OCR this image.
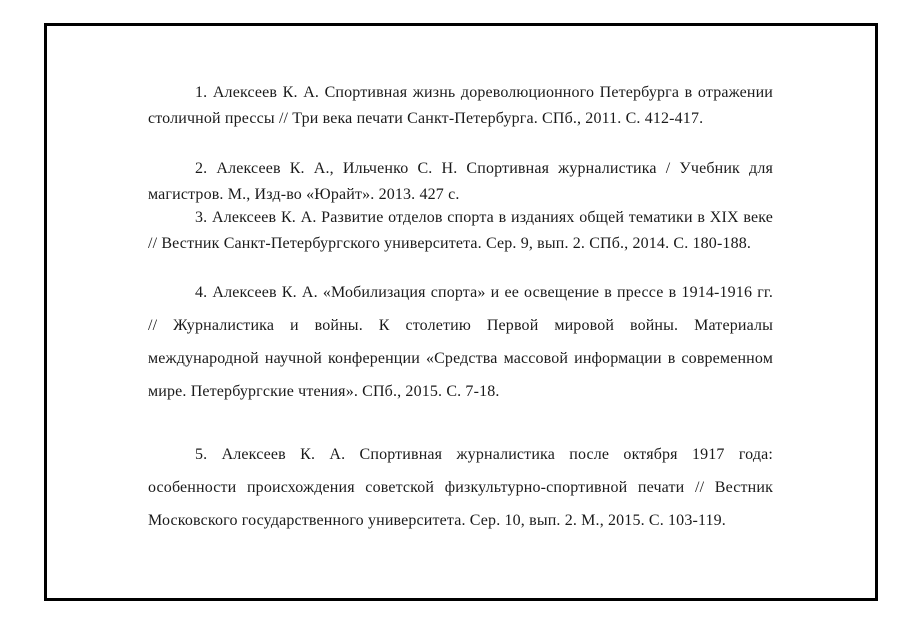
1. Алексеев К. А. Спортивная жизнь дореволюционного Петербурга в отражении столичной прессы // Три века печати Санкт-Петербурга. СПб., 2011. С. 412-417.

2. Алексеев К. А., Ильченко С. Н. Спортивная журналистика / Учебник для магистров. М., Изд-во «Юрайт». 2013. 427 с.

3. Алексеев К. А. Развитие отделов спорта в изданиях общей тематики в XIX веке // Вестник Санкт-Петербургского университета. Сер. 9, вып. 2. СПб., 2014. С. 180-188.

4. Алексеев К. А. «Мобилизация спорта» и ее освещение в прессе в 1914-1916 гг. // Журналистика и войны. К столетию Первой мировой войны. Материалы международной научной конференции «Средства массовой информации в современном мире. Петербургские чтения». СПб., 2015. С. 7-18.

5. Алексеев К. А. Спортивная журналистика после октября 1917 года: особенности происхождения советской физкультурно-спортивной печати // Вестник Московского государственного университета. Сер. 10, вып. 2. М., 2015. С. 103-119.
